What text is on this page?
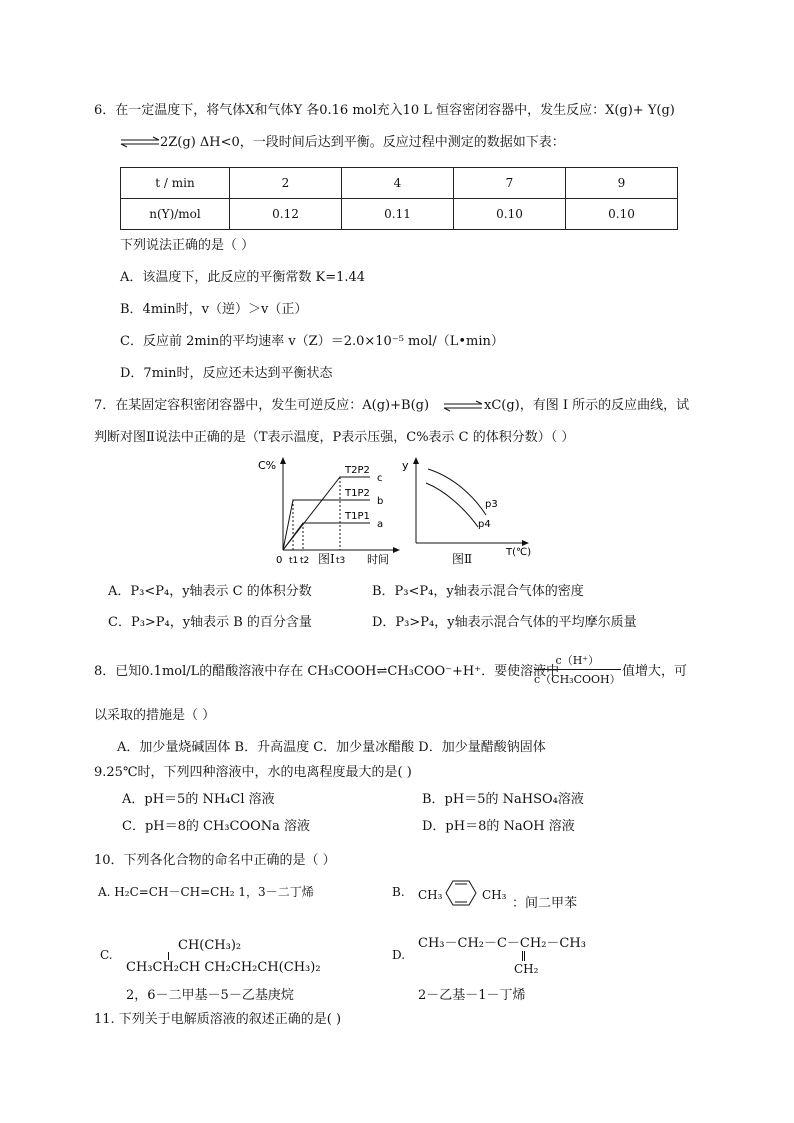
6．在一定温度下，将气体X和气体Y 各0.16 mol充入10 L 恒容密闭容器中，发生反应：X(g)+ Y(g)
⇌ 2Z(g) ΔH<0，一段时间后达到平衡。反应过程中测定的数据如下表：
t / min	2	4	7	9
n(Y)/mol	0.12	0.11	0.10	0.10
下列说法正确的是（ ）
A．该温度下，此反应的平衡常数 K=1.44
B．4min时，v（逆）＞v（正）
C．反应前 2min的平均速率 v（Z）＝2.0×10⁻⁵ mol/（L•min）
D．7min时，反应还未达到平衡状态
7．在某固定容积密闭容器中，发生可逆反应：A(g)+B(g) ⇌ xC(g)，有图 I 所示的反应曲线，试
判断对图Ⅱ说法中正确的是（T表示温度，P表示压强，C%表示 C 的体积分数）（ ）
C%	T2P2
c
T1P2
b
T1P1
a
0 t1 t2	t3 时间
图I
y
p3
p4
T(℃)
图Ⅱ
A．P₃<P₄，y轴表示 C 的体积分数	B．P₃<P₄，y轴表示混合气体的密度
C．P₃>P₄，y轴表示 B 的百分含量	D．P₃>P₄，y轴表示混合气体的平均摩尔质量
8．已知0.1mol/L的醋酸溶液中存在 CH₃COOH⇌CH₃COO⁻+H⁺．要使溶液中
c（H⁺）
c（CH₃COOH）
值增大，可
以采取的措施是（ ）
A．加少量烧碱固体 B．升高温度 C．加少量冰醋酸 D．加少量醋酸钠固体
9.25℃时，下列四种溶液中，水的电离程度最大的是( )
A．pH＝5的 NH₄Cl 溶液	B．pH＝5的 NaHSO₄溶液
C．pH＝8的 CH₃COONa 溶液	D．pH＝8的 NaOH 溶液
10．下列各化合物的命名中正确的是（ ）
A. H₂C=CH－CH=CH₂ 1，3－二丁烯	B. CH₃	CH₃
：间二甲苯
C.
CH(CH₃)₂
CH₃CH₂CH CH₂CH₂CH(CH₃)₂
2，6－二甲基－5－乙基庚烷
D.
CH₃－CH₂－C－CH₂－CH₃
CH₂
2－乙基－1－丁烯
11. 下列关于电解质溶液的叙述正确的是( )
